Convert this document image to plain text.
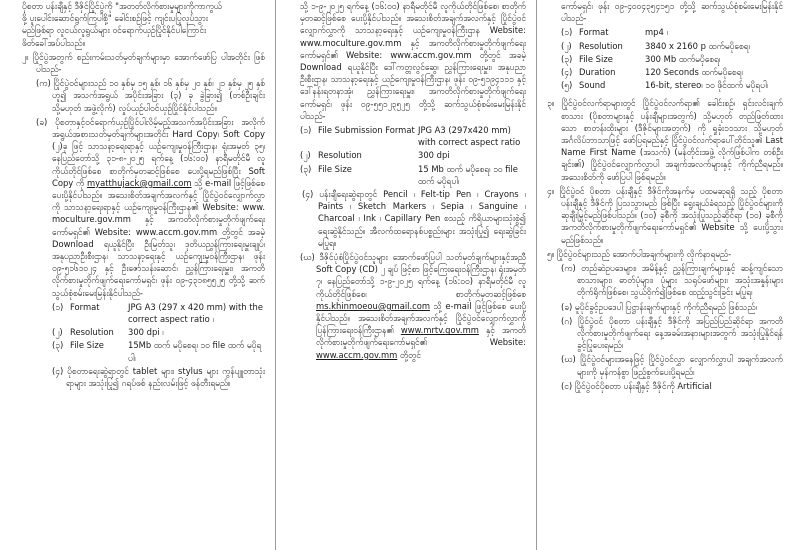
ပိုစတာ ပန်းချီနှင့် ဒီဇိုင်ပြိုင်ပွဲကို "အတတ်လိုက်စားမှုများကိုကာကွယ်

ဖို့ ပူးပေါင်းဆောင်ရွက်ကြပါစို့" ခေါင်းစဉ်ဖြင့် ကျင်းပပြုလုပ်သွား

မည်ဖြစ်ရာ လူငယ်လူရွယ်များ ဝင်ရောက်ယှဉ်ပြိုင်နိုင်ပါကြောင်း

ဖိတ်ခေါ်အပ်ပါသည်။

၂။ ပြိုင်ပွဲအတွက် စည်းကမ်းသတ်မှတ်ချက်များမှာ အောက်ဖော်ပြ ပါအတိုင်း ဖြစ်ပါသည်-

(က) ပြိုင်ပွဲဝင်များသည် ၁၀ နှစ်မှ ၁၅ နှစ်၊ ၁၆ နှစ်မှ ၂၀ နှစ်၊ ၂၁ နှစ်မှ ၂၅ နှစ်ဟူ၍ အသက်အရွယ် အပိုင်းအခြား (၃) ခု ခွဲခြား၍ (တစ်ဦးချင်း သို့မဟုတ် အဖွဲ့လိုက်) လှုပ်ယှဉ်ပါဝင်ယှဉ်ပြိုင်နိုင်ပါသည်။

(ခ) ပိုစတာနှင့်ဝင်ရောက်ယှဉ်ပြိုင်ပါလိမ့်မည့်အသက်အပိုင်းအခြား အလိုက် အရွယ်အစားသတ်မှတ်ချက်များအတိုင်း Hard Copy၊ Soft Copy (၂)ခု ဖြင့် သာသနာ့ရေးရာနှင့် ယဉ်ကျေးမှုဝန်ကြီးဌာန၊ ရုံးအမှတ် ၃၅၊ နေပြည်တော်သို့ ၃၁-၈-၂၀၂၅ ရက်နေ့ (၁၆:၀၀) နာရီမတိုင်မီ လူကိုယ်တိုင်ဖြစ်စေ စာတိုက်မှတဆင့်ဖြစ်စေ ပေးပို့ရမည်ဖြစ်ပြီး Soft Copy ကို myatthujack@gmail.com သို့ e-mail ဖြင့်ဖြစ်စေ ပေးပို့နိုင်ပါသည်။ အသေးစိတ်အချက်အလက်နှင့် ပြိုင်ပွဲဝင်လျှောက်လွှာကို သာသနာ့ရေးရာနှင့် ယဉ်ကျေးမှုဝန်ကြီးဌာန၏ Website: www. moculture.gov.mm နှင့် အကတိလိုက်စားမှုတိုက်ဖျက်ရေးကော်မရှင်၏ Website: www.accm.gov.mm တို့တွင် အခမဲ့ Download ရယူနိုင်ပြီး ဦးမြတ်သူ၊ ဒုတိယညွှန်ကြားရေးမှူးချုပ်၊ အနုပညာဦးစီးဌာန၊ သာသနာ့ရေးနှင့် ယဉ်ကျေးမှုဝန်ကြီးဌာန၊ ဖုန်း ၀၉-၅၁၆၁၀၂၄ နှင့် ဦးဇော်သန်းဆောင်၊ ညွှန်ကြားရေးမှူး၊ အကတိလိုက်စားမှုတိုက်ဖျက်ရေးကော်မရှင်၊ ဖုန်း ၀၉-၄၃၁၈၅၅၂၅ တို့သို့ ဆက်သွယ်စုံစမ်းမေးမြန်းနိုင်ပါသည်-

(၁) Format	JPG A3 (297 x 420 mm) with the correct aspect ratio ၊
(၂) Resolution	300 dpi ၊
(၃) File Size	15Mb ထက် မပိုစေရ၊ ၁၀ file ထက် မပိုရပါ၊

(၄) ပိုစတာရေးဆွဲရာတွင် tablet များ၊ stylus များ ကွန်ပျူတာသုံးရာများ အသုံးပြု၍ ဂရပ်ဖစ် နည်းလမ်းဖြင့် ဖန်တီးရမည်။

သို့ ၁-၉-၂၀၂၅ ရက်နေ့ (၁၆:၀၀) နာရီမတိုင်မီ လူကိုယ်တိုင်ဖြစ်စေ၊ စာတိုက်မှတဆင့်ဖြစ်စေ ပေးပို့နိုင်ပါသည်။ အသေးစိတ်အချက်အလက်နှင့် ပြိုင်ပွဲဝင်လျှောက်လွှာကို သာသနာ့ရေးနှင့် ယဉ်ကျေးမှုဝန်ကြီးဌာန Website: www.moculture.gov.mm နှင့် အကတိလိုက်စားမှုတိုက်ဖျက်ရေးကော်မရှင်၏ Website: www.accm.gov.mm တို့တွင် အခမဲ့ Download ရယူနိုင်ပြီး ဒေါ်ကတ္တလွင်ဆွေ၊ ညွှန်ကြားရေးမှူး၊ အနုပညာဦးစီးဌာန၊ သာသနာ့ရေးနှင့် ယဉ်ကျေးမှုဝန်ကြီးဌာန၊ ဖုန်း ၀၉-၅၁၉၄၁၁၁ နှင့် ဒေါ်နန်းရတနာအုံ၊ ညွှန်ကြားရေးမှူး၊ အကတိလိုက်စားမှုတိုက်ဖျက်ရေးကော်မရှင်၊ ဖုန်း ၀၉-၅၅၁၂၃၅၂၅ တို့သို့ ဆက်သွယ်စုံစမ်းမေးမြန်းနိုင်ပါသည်-

(၁) File Submission Format JPG A3 (297x420 mm) with correct aspect ratio
(၂) Resolution	300 dpi
(၃) File Size	15 Mb ထက် မပိုစေရ၊ ၁၀ file ထက် မပိုရပါ၊

(၄) ပန်းချီရေးဆွဲရာတွင် Pencil ၊ Felt-tip Pen ၊ Crayons ၊ Paints ၊ Sketch Markers ၊ Sepia ၊ Sanguine ၊ Charcoal ၊ Ink ၊ Capillary Pen စသည့် ကိရိယာများသုံးစွဲ၍ ရေးဆွဲနိုင်သည်။ အီလက်ထရောနစ်ပစ္စည်းများ အသုံးပြု၍ ရေးဆွဲခြင်း မပြုရ။

(ဃ) ဒီဇိုင်ပုံစံပြိုင်ပွဲဝင်သူများ အောက်ဖော်ပြပါ သတ်မှတ်ချက်များနှင့်အညီ Soft Copy (CD) ၂ ချပ် ဖြင့်စာ ဖြင့်ကြေးရေးဝန်ကြီးဌာန၊ ရုံးအမှတ် ၇၊ နေပြည်တော်သို့ ၁-၉-၂၀၂၅ ရက်နေ့ (၁၆:၀၀) နာရီမတိုင်မီ လူကိုယ်တိုင်ဖြစ်စေ၊ စာတိုက်မှတဆင့်ဖြစ်စေ ms.khinmoeou@gmail.com သို့ e-mail ဖြင့်ဖြစ်စေ ပေးပို့နိုင်ပါသည်။ အသေးစိတ်အချက်အလက်နှင့် ပြိုင်ပွဲဝင်လျှောက်လွှာကို ပြန်ကြားရေးဝန်ကြီးဌာန၏ www.mrtv.gov.mm နှင့် အကတိလိုက်စားမှုတိုက်ဖျက်ရေးကော်မရှင်၏ Website: www.accm.gov.mm တို့တွင်

ကော်မရှင်၊ ဖုန်း ၀၉-၄၀၀၄၃၅၄၁၅၁ တို့သို့ ဆက်သွယ်စုံစမ်းမေးမြန်းနိုင်ပါသည်-

(၁) Format	mp4 ၊
(၂) Resolution	3840 x 2160 p ထက်မပိုစေရ၊
(၃) File Size	300 Mb ထက်မပိုစေရ၊
(၄) Duration	120 Seconds ထက်မပိုစေရ၊
(၅) Sound	16-bit, stereo၊ ၁၀ ဖိုင်ထက် မပိုရပါ၊

၃။ ပြိုင်ပွဲဝင်လက်ရာများတွင် ပြိုင်ပွဲဝင်လက်ရာ၏ ခေါင်းစဉ်၊ ရှင်းလင်းချက်စာသား (ပိုစတာများနှင့် ပန်းချီများအတွက်) သို့မဟုတ် တည်ဖြတ်ထားသော စာတန်းထိုးများ (ဒီဇိုင်များအတွက်) ကို ရှုခုံး၁၁သား သို့မဟုတ် အင်္ဂလိပ်ဘာသာဖြင့် ဖော်ပြရမည်နှင့် ပြိုင်ပွဲဝင်လက်ရာပေါ်တိုင်သူ၏ Last Name First Name (အသက်) (မန်တိုင်းအဖွဲ့ လိုက်ဖြစ်ပါက တစ်ဦးချင်း၏) ပြိုင်ပွဲဝင်လျှောက်လွှာပါ အချက်အလက်များနှင့် ကိုက်ညီရမည်။ အသေးစိတ်ကို ဖော်ပြပါ ဖြစ်ရမည်။

၄။ ပြိုင်ပွဲဝင် ပိုစတာ ပန်းချီနှင့် ဒီဇိုင်ကိုအနက်မှ ပထမဆုရရှိ သည့် ပိုစတာ ပန်းချီနှင့် ဒီဇိုင်ကို ပြသသွားမည် ဖြစ်ပြီး ရွေးချယ်ခံရသည့် ပြိုင်ပွဲဝင်များကို ဆုချီးမြှင့်မည်ဖြစ်ပါသည်။ (၁၀) ခုစီကို အသုံးပြုသည့်ဆိုင်ရာ (၁၀) ခုစီကို အကတိလိုက်စားမှုတိုက်ဖျက်ရေးကော်မရှင်၏ Website သို့ ပေးပို့သွားမည်ဖြစ်သည်။

၅။ ပြိုင်ပွဲဝင်များသည် အောက်ပါအချက်များကို လိုက်နာရမည်-

(က) တည်ဆဲဥပဒေများ၊ အမိန့်နှင့် ညွှန်ကြားချက်များနှင့် ဆန့်ကျင်သော စာသားများ၊ ဓာတ်ပုံများ၊ ပုံများ သရုပ်ဖော်များ၊ အသုံးအနှုန်းများ တိုက်ရိုက်ဖြစ်စေ၊ သွယ်ဝိုက်၍ဖြစ်စေ ထည့်သွင်းခြင်း မပြုရ၊

(ခ) မူပိုင်ခွင့်ဥပဒေပါ ပြဋ္ဌာန်းချက်များနှင့် ကိုက်ညီရမည် ဖြစ်သည်၊

(ဂ) ပြိုင်ပွဲဝင် ပိုစတာ ပန်းချီနှင့် ဒီဇိုင်ကို အပြည်ပြည်ဆိုင်ရာ အကတိလိုက်စားမှုတိုက်ဖျက်ရေး နေ့အခမ်းအနားများအတွက် အသုံးပြုနိုင်ရန် ခွင့်ပြုပေးရမည်၊

(ဃ) ပြိုင်ပွဲဝင်များအနေဖြင့် ပြိုင်ပွဲဝင်လွှာ လျှောက်လွှာပါ အချက်အလက်များကို မှန်ကန်စွာ ဖြည့်စွက်ပေးပို့ရမည်၊

(င) ပြိုင်ပွဲဝင်ပိုစတာ ပန်းချီနှင့် ဒီဇိုင်ကို Artificial
